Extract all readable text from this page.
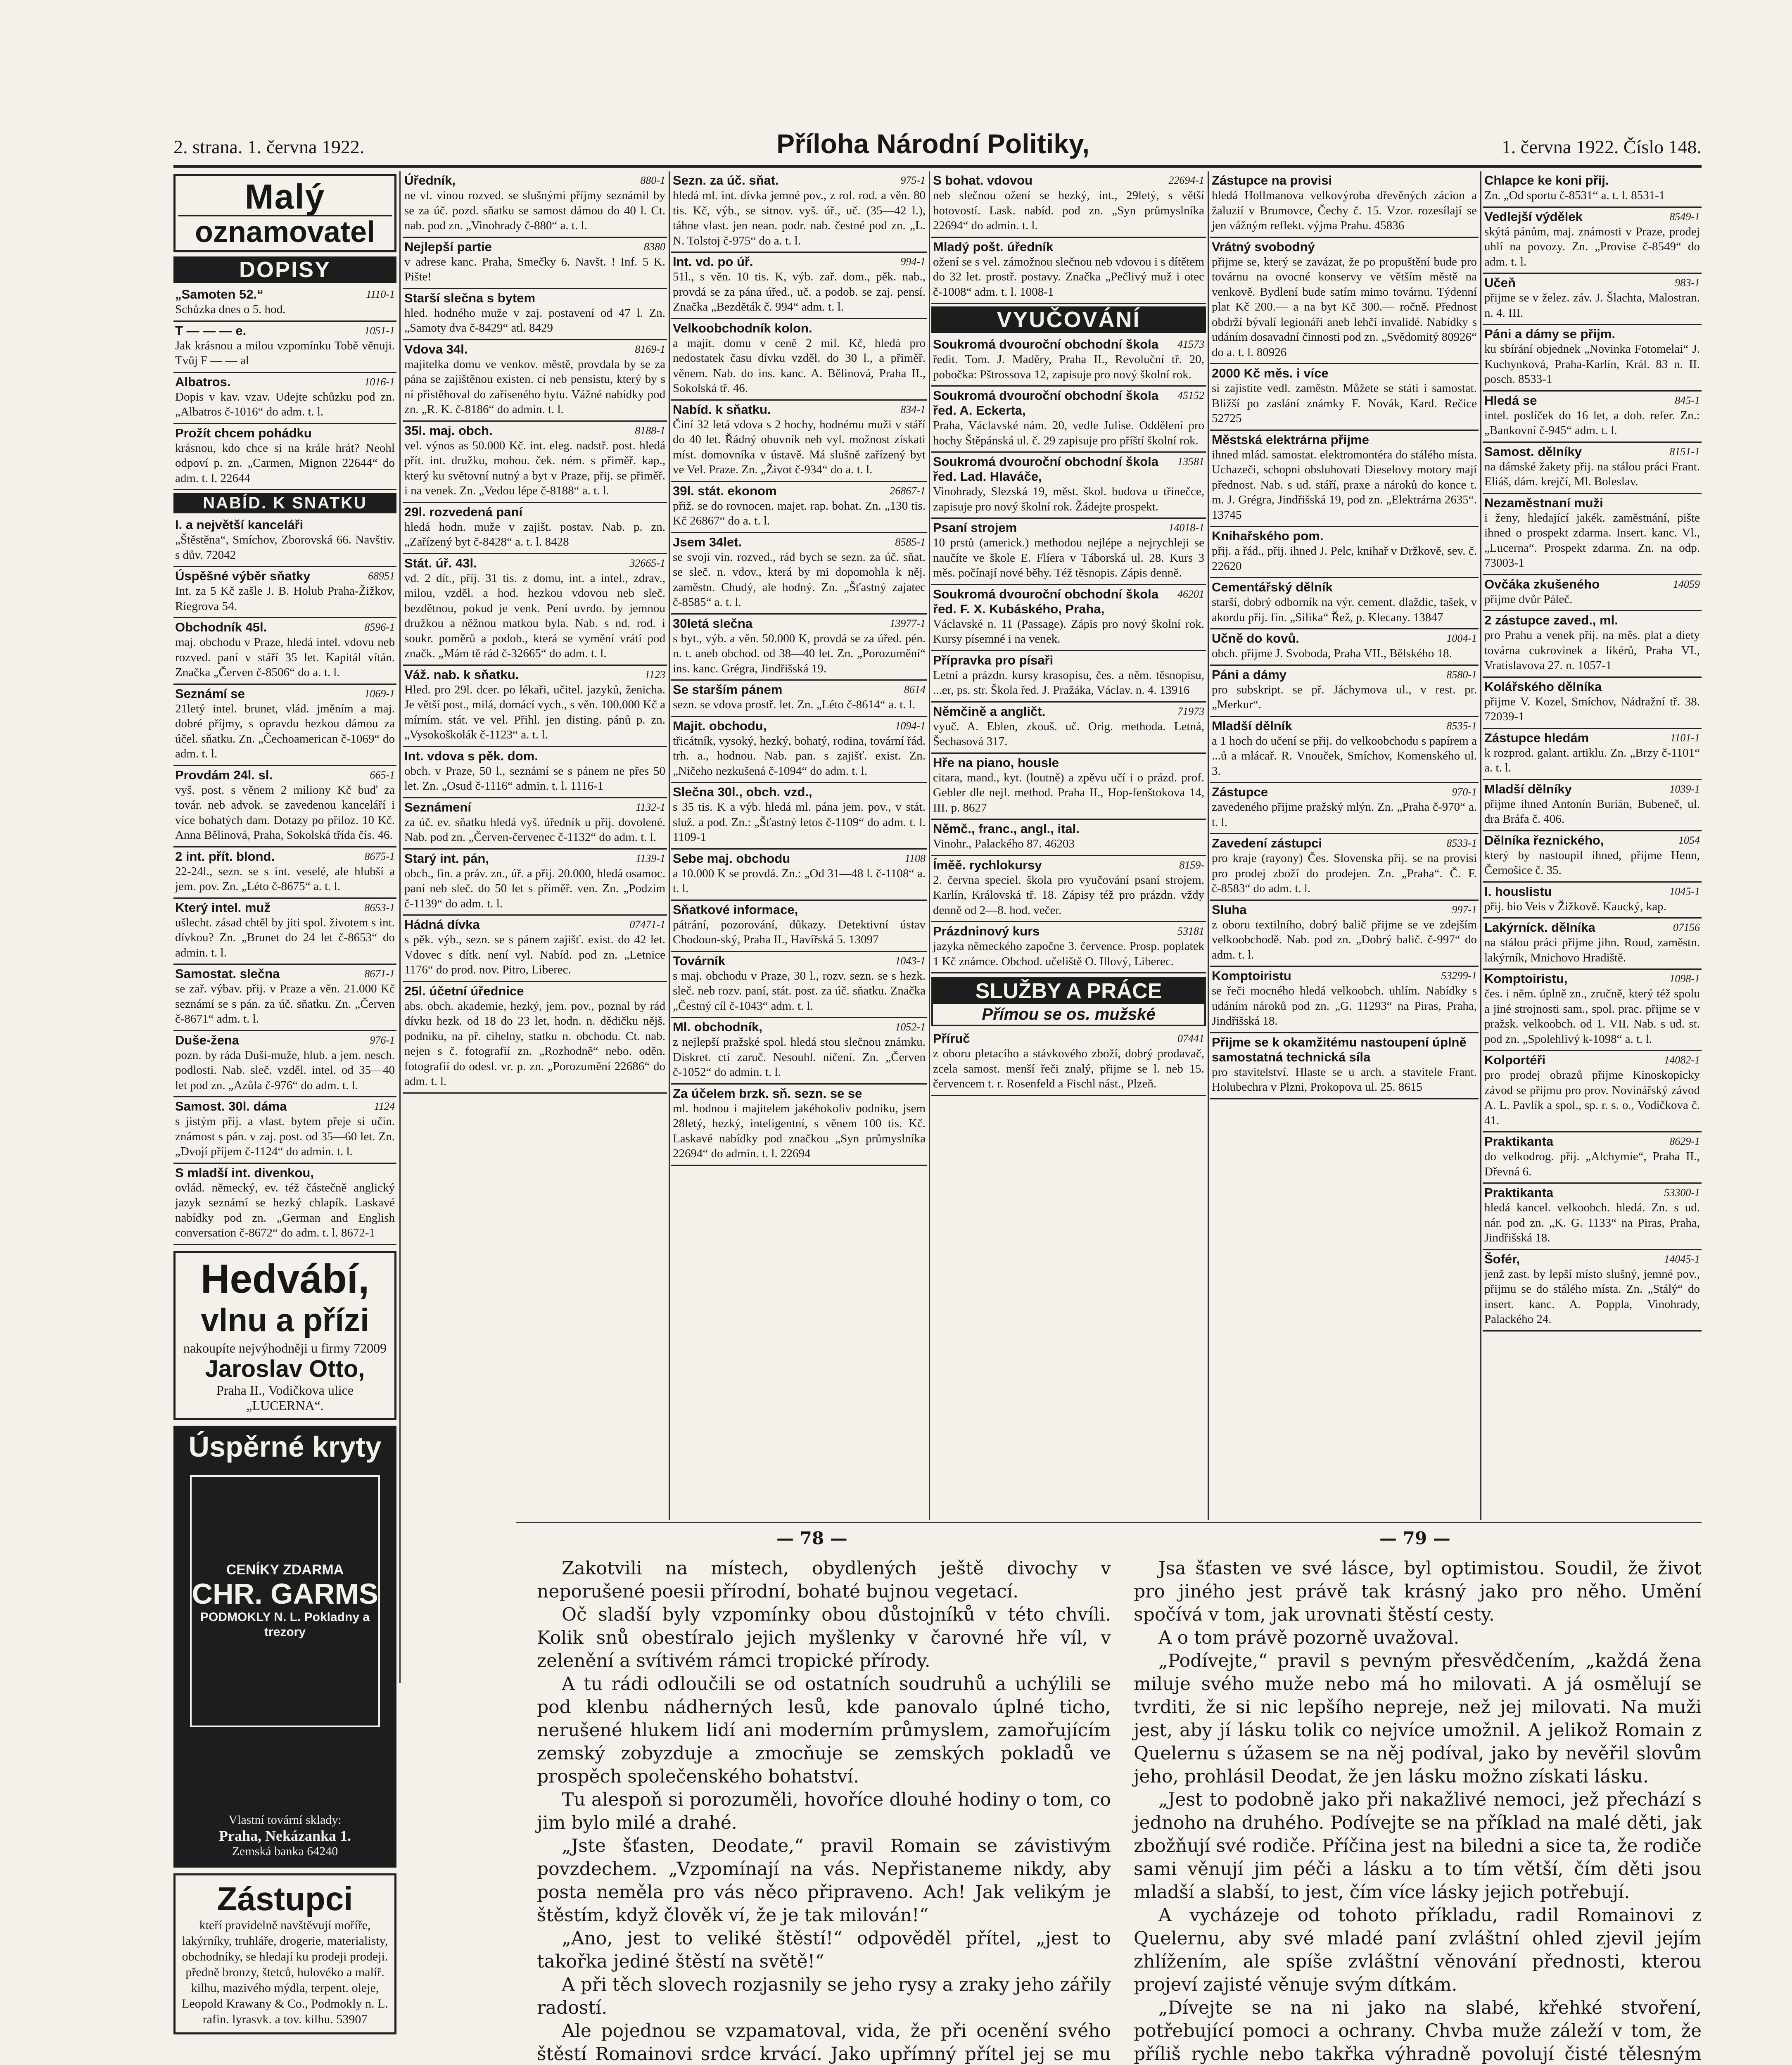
2. strana. 1. června 1922.	Příloha Národní Politiky,	1. června 1922. Číslo 148.
Malý
oznamovatel
DOPISY
„Samoten 52.“	1110-1
Schůzka dnes o 5. hod.
T — — — e.	1051-1
Jak krásnou a milou vzpomínku Tobě věnuji. Tvůj F — — al
Albatros.	1016-1
Dopis v kav. vzav. Udejte schůzku pod zn. „Albatros č-1016“ do adm. t. l.
Prožít chcem pohádku
krásnou, kdo chce si na krále hrát? Neohl odpoví p. zn. „Carmen, Mignon 22644“ do adm. t. l. 22644
NABÍD. K SNATKU
I. a největší kanceláři
„Štěstěna“, Smíchov, Zborovská 66. Navštiv. s dův. 72042
Úspěšné výběr sňatky	68951
Int. za 5 Kč zašle J. B. Holub Praha-Žižkov, Riegrova 54.
Obchodník 45l.	8596-1
maj. obchodu v Praze, hledá intel. vdovu neb rozved. paní v stáří 35 let. Kapitál vítán. Značka „Červen č-8506“ do a. t. l.
Seznámí se	1069-1
21letý intel. brunet, vlád. jměním a maj. dobré příjmy, s opravdu hezkou dámou za účel. sňatku. Zn. „Čechoamerican č-1069“ do adm. t. l.
Provdám 24l. sl.	665-1
vyš. post. s věnem 2 miliony Kč buď za továr. neb advok. se zavedenou kanceláří i více bohatých dam. Dotazy po přiloz. 10 Kč. Anna Bělinová, Praha, Sokolská třída čís. 46.
2 int. přít. blond.	8675-1
22-24l., sezn. se s int. veselé, ale hlubší a jem. pov. Zn. „Léto č-8675“ a. t. l.
Který intel. muž	8653-1
ušlecht. zásad chtěl by jiti spol. životem s int. dívkou? Zn. „Brunet do 24 let č-8653“ do admin. t. l.
Samostat. slečna	8671-1
se zař. výbav. přij. v Praze a věn. 21.000 Kč seznámí se s pán. za úč. sňatku. Zn. „Červen č-8671“ adm. t. l.
Duše-žena	976-1
pozn. by ráda Duši-muže, hlub. a jem. nesch. podlosti. Nab. sleč. vzděl. intel. od 35—40 let pod zn. „Azůla č-976“ do adm. t. l.
Samost. 30l. dáma	1124
s jistým přij. a vlast. bytem přeje si učin. známost s pán. v zaj. post. od 35—60 let. Zn. „Dvojí příjem č-1124“ do admin. t. l.
S mladší int. divenkou,
ovlád. německý, ev. též částečně anglický jazyk seznámí se hezký chlapík. Laskavé nabídky pod zn. „German and English conversation č-8672“ do adm. t. l. 8672-1
Hedvábí,
vlnu a přízi
nakoupíte nejvýhodněji u firmy 72009
Jaroslav Otto,
Praha II., Vodičkova ulice
„LUCERNA“.
Úspěrné kryty
CENÍKY ZDARMA
CHR. GARMS
PODMOKLY N. L. Pokladny a trezory
Vlastní tovární sklady:
Praha, Nekázanka 1.
Zemská banka 64240
Zástupci
kteří pravidelně navštěvují moříře, lakýrníky, truhláře, drogerie, materialisty, obchodníky, se hledají ku prodeji prodeji. předně bronzy, štetců, hulovéko a malíř. kilhu, mazivého mýdla, terpent. oleje, Leopold Krawany & Co., Podmokly n. L. rafin. lyrasvk. a tov. kilhu. 53907
Úředník,	880-1
ne vl. vinou rozved. se slušnými příjmy seznámil by se za úč. pozd. sňatku se samost dámou do 40 l. Ct. nab. pod zn. „Vinohrady č-880“ a. t. l.
Nejlepší partie	8380
v adrese kanc. Praha, Smečky 6. Navšt. ! Inf. 5 K. Pište!
Starší slečna s bytem
hled. hodného muže v zaj. postavení od 47 l. Zn. „Samoty dva č-8429“ atl. 8429
Vdova 34l.	8169-1
majitelka domu ve venkov. městě, provdala by se za pána se zajištěnou existen. cí neb pensistu, který by s ní přistěhoval do zaříseného bytu. Vážné nabídky pod zn. „R. K. č-8186“ do admin. t. l.
35l. maj. obch.	8188-1
vel. výnos as 50.000 Kč. int. eleg. nadstř. post. hledá přít. int. družku, mohou. ček. ném. s přiměř. kap., který ku světovní nutný a byt v Praze, přij. se přiměř. i na venek. Zn. „Vedou lépe č-8188“ a. t. l.
29l. rozvedená paní
hledá hodn. muže v zajišt. postav. Nab. p. zn. „Zařízený byt č-8428“ a. t. l. 8428
Stát. úř. 43l.	32665-1
vd. 2 dít., příj. 31 tis. z domu, int. a intel., zdrav., milou, vzděl. a hod. hezkou vdovou neb sleč. bezdětnou, pokud je venk. Pení uvrdo. by jemnou družkou a něžnou matkou byla. Nab. s nd. rod. i soukr. poměrů a podob., která se vymění vrátí pod značk. „Mám tě rád č-32665“ do adm. t. l.
Váž. nab. k sňatku.	1123
Hled. pro 29l. dcer. po lékaři, učitel. jazyků, ženicha. Je větší post., milá, domácí vych., s věn. 100.000 Kč a mírním. stát. ve vel. Přihl. jen disting. pánů p. zn. „Vysokoškolák č-1123“ a. t. l.
Int. vdova s pěk. dom.
obch. v Praze, 50 l., seznámí se s pánem ne přes 50 let. Zn. „Osud č-1116“ admin. t. l. 1116-1
Seznámení	1132-1
za úč. ev. sňatku hledá vyš. úředník u přij. dovolené. Nab. pod zn. „Červen-červenec č-1132“ do adm. t. l.
Starý int. pán,	1139-1
obch., fin. a práv. zn., úř. a přij. 20.000, hledá osamoc. paní neb sleč. do 50 let s příměř. ven. Zn. „Podzim č-1139“ do adm. t. l.
Hádná dívka	07471-1
s pěk. výb., sezn. se s pánem zajišť. exist. do 42 let. Vdovec s dítk. není vyl. Nabíd. pod zn. „Letnice 1176“ do prod. nov. Pitro, Liberec.
25l. účetní úřednice
abs. obch. akademie, hezký, jem. pov., poznal by rád dívku hezk. od 18 do 23 let, hodn. n. dědičku nějš. podniku, na př. cihelny, statku n. obchodu. Ct. nab. nejen s č. fotografií zn. „Rozhodně“ nebo. oděn. fotografií do odesl. vr. p. zn. „Porozumění 22686“ do adm. t. l.
Sezn. za úč. sňat.	975-1
hledá ml. int. dívka jemné pov., z rol. rod. a věn. 80 tis. Kč, výb., se sitnov. vyš. úř., uč. (35—42 l.), táhne vlast. jen nean. podr. nab. čestné pod zn. „L. N. Tolstoj č-975“ do a. t. l.
Int. vd. po úř.	994-1
51l., s věn. 10 tis. K, výb. zař. dom., pěk. nab., provdá se za pána úřed., uč. a podob. se zaj. pensí. Značka „Bezděták č. 994“ adm. t. l.
Velkoobchodník kolon.
a majit. domu v ceně 2 mil. Kč, hledá pro nedostatek času dívku vzděl. do 30 l., a přiměř. věnem. Nab. do ins. kanc. A. Bělinová, Praha II., Sokolská tř. 46.
Nabíd. k sňatku.	834-1
Činí 32 letá vdova s 2 hochy, hodnému muži v stáří do 40 let. Řádný obuvník neb vyl. možnost získati míst. domovníka v ústavě. Má slušně zařízený byt ve Vel. Praze. Zn. „Život č-934“ do a. t. l.
39l. stát. ekonom	26867-1
přiž. se do rovnocen. majet. rap. bohat. Zn. „130 tis. Kč 26867“ do a. t. l.
Jsem 34let.	8585-1
se svoji vin. rozved., rád bych se sezn. za úč. sňat. se sleč. n. vdov., která by mi dopomohla k něj. zaměstn. Chudý, ale hodný. Zn. „Šťastný zajatec č-8585“ a. t. l.
30letá slečna	13977-1
s byt., výb. a věn. 50.000 K, provdá se za úřed. pén. n. t. aneb obchod. od 38—40 let. Zn. „Porozumění“ ins. kanc. Grégra, Jindřišská 19.
Se starším pánem	8614
sezn. se vdova prostř. let. Zn. „Léto č-8614“ a. t. l.
Majit. obchodu,	1094-1
třicátník, vysoký, hezký, bohatý, rodina, tovární řád. trh. a., hodnou. Nab. pan. s zajišť. exist. Zn. „Ničeho nezkušená č-1094“ do adm. t. l.
Slečna 30l., obch. vzd.,
s 35 tis. K a výb. hledá ml. pána jem. pov., v stát. služ. a pod. Zn.: „Šťastný letos č-1109“ do adm. t. l. 1109-1
Sebe maj. obchodu	1108
a 10.000 K se provdá. Zn.: „Od 31—48 l. č-1108“ a. t. l.
Sňatkové informace,
pátrání, pozorování, důkazy. Detektivní ústav Chodoun-ský, Praha II., Havířská 5. 13097
Továrník	1043-1
s maj. obchodu v Praze, 30 l., rozv. sezn. se s hezk. sleč. neb rozv. paní, stát. post. za úč. sňatku. Značka „Čestný cíl č-1043“ adm. t. l.
Ml. obchodník,	1052-1
z nejlepší pražské spol. hledá stou slečnou známku. Diskret. ctí zaruč. Nesouhl. ničení. Zn. „Červen č-1052“ do admin. t. l.
Za účelem brzk. sň. sezn. se se
ml. hodnou i majitelem jakéhokoliv podniku, jsem 28letý, hezký, inteligentní, s věnem 100 tis. Kč. Laskavé nabídky pod značkou „Syn průmyslníka 22694“ do admin. t. l. 22694
S bohat. vdovou	22694-1
neb slečnou ožení se hezký, int., 29letý, s větší hotovostí. Lask. nabíd. pod zn. „Syn průmyslníka 22694“ do admin. t. l.
Mladý pošt. úředník
ožení se s vel. zámožnou slečnou neb vdovou i s dítětem do 32 let. prostř. postavy. Značka „Pečlivý muž i otec č-1008“ adm. t. l. 1008-1
VYUČOVÁNÍ
Soukromá dvouroční obchodní škola 41573
ředit. Tom. J. Maděry, Praha II., Revoluční tř. 20, pobočka: Pštrossova 12, zapisuje pro nový školní rok.
Soukromá dvouroční obchodní škola řed. A. Eckerta,
45152
Praha, Václavské nám. 20, vedle Julise. Oddělení pro hochy Štěpánská ul. č. 29 zapisuje pro příští školní rok.
Soukromá dvouroční obchodní škola řed. Lad. Hlaváče,
13581
Vinohrady, Slezská 19, měst. škol. budova u třinečce, zapisuje pro nový školní rok. Žádejte prospekt.
Psaní strojem	14018-1
10 prstů (americk.) methodou nejlépe a nejrychleji se naučíte ve škole E. Flíera v Táborská ul. 28. Kurs 3 měs. počínají nové běhy. Též těsnopis. Zápis denně.
Soukromá dvouroční obchodní škola řed. F. X. Kubáského, Praha,
46201
Václavské n. 11 (Passage). Zápis pro nový školní rok. Kursy písemné i na venek.
Přípravka pro písaři
Letní a prázdn. kursy krasopisu, čes. a něm. těsnopisu, ...er, ps. str. Škola řed. J. Pražáka, Václav. n. 4. 13916
Němčině a angličt.	71973
vyuč. A. Eblen, zkouš. uč. Orig. methoda. Letná, Šechasová 317.
Hře na piano, housle
citara, mand., kyt. (loutně) a zpěvu učí i o prázd. prof. Gebler dle nejl. method. Praha II., Hop-fenštokova 14, III. p. 8627
Němč., franc., angl., ital.
Vinohr., Palackého 87. 46203
Íměě. rychlokursy	8159-
2. června speciel. škola pro vyučování psaní strojem. Karlín, Královská tř. 18. Zápisy též pro prázdn. vždy denně od 2—8. hod. večer.
Prázdninový kurs	53181
jazyka německého započne 3. července. Prosp. poplatek 1 Kč známce. Obchod. učeliště O. Illový, Liberec.
SLUŽBY A PRÁCE
Přímou se os. mužské
Příruč	07441
z oboru pletacího a stávkového zboží, dobrý prodavač, zcela samost. menší řeči znalý, přijme se l. neb 15. červencem t. r. Rosenfeld a Fischl nást., Plzeň.
Zástupce na provisi
hledá Hollmanova velkovýroba dřevěných zácion a žaluzií v Brumovce, Čechy č. 15. Vzor. rozesílají se jen vážným reflekt. výjma Prahu. 45836
Vrátný svobodný
přijme se, který se zavázat, že po propuštění bude pro továrnu na ovocné konservy ve větším městě na venkově. Bydlení bude satím mimo továrnu. Týdenní plat Kč 200.— a na byt Kč 300.— ročně. Přednost obdrží bývalí legionáři aneb lehčí invalidé. Nabídky s udáním dosavadní činnosti pod zn. „Svědomitý 80926“ do a. t. l. 80926
2000 Kč měs. i více
si zajistite vedl. zaměstn. Můžete se státi i samostat. Bližší po zaslání známky F. Novák, Kard. Rečice 52725
Městská elektrárna přijme
ihned mlád. samostat. elektromontéra do stálého místa. Uchazeči, schopni obsluhovati Dieselovy motory mají přednost. Nab. s ud. stáří, praxe a nároků do konce t. m. J. Grégra, Jindřišská 19, pod zn. „Elektrárna 2635“. 13745
Knihařského pom.
přij. a řád., přij. ihned J. Pelc, knihař v Držkově, sev. č. 22620
Cementářský dělník
starší, dobrý odborník na výr. cement. dlaždic, tašek, v akordu přij. fin. „Silika“ Řež, p. Klecany. 13847
Učně do kovů.	1004-1
obch. přijme J. Svoboda, Praha VII., Bělského 18.
Páni a dámy	8580-1
pro subskript. se př. Jáchymova ul., v rest. pr. „Merkur“.
Mladší dělník	8535-1
a 1 hoch do učení se přij. do velkoobchodu s papírem a ...ů a mlácař. R. Vnouček, Smíchov, Komenského ul. 3.
Zástupce	970-1
zavedeného přijme pražský mlýn. Zn. „Praha č-970“ a. t. l.
Zavedení zástupci	8533-1
pro kraje (rayony) Čes. Slovenska přij. se na provisi pro prodej zboží do prodejen. Zn. „Praha“. Č. F. č-8583“ do adm. t. l.
Sluha	997-1
z oboru textilního, dobrý balič přijme se ve zdejším velkoobchodě. Nab. pod zn. „Dobrý balič. č-997“ do adm. t. l.
Komptoiristu	53299-1
se řeči mocného hledá velkoobch. uhlím. Nabídky s udáním nároků pod zn. „G. 11293“ na Piras, Praha, Jindřišská 18.
Přijme se k okamžitému nastoupení úplně samostatná technická síla
pro stavitelství. Hlaste se u arch. a stavitele Frant. Holubechra v Plzni, Prokopova ul. 25. 8615
Chlapce ke koni přij.
Zn. „Od sportu č-8531“ a. t. l. 8531-1
Vedlejší výdělek	8549-1
skýtá pánům, maj. známosti v Praze, prodej uhlí na povozy. Zn. „Provise č-8549“ do adm. t. l.
Učeň	983-1
přijme se v želez. záv. J. Šlachta, Malostran. n. 4. III.
Páni a dámy se přijm.
ku sbírání objednek „Novinka Fotomelai“ J. Kuchynková, Praha-Karlín, Král. 83 n. II. posch. 8533-1
Hledá se	845-1
intel. poslíček do 16 let, a dob. refer. Zn.: „Bankovní č-945“ adm. t. l.
Samost. dělníky	8151-1
na dámské žakety přij. na stálou práci Frant. Eliáš, dám. krejčí, Ml. Boleslav.
Nezaměstnaní muži
i ženy, hledající jakék. zaměstnání, pište ihned o prospekt zdarma. Insert. kanc. Vl., „Lucerna“. Prospekt zdarma. Zn. na odp. 73003-1
Ovčáka zkušeného	14059
přijme dvůr Páleč.
2 zástupce zaved., ml.
pro Prahu a venek přij. na měs. plat a diety továrna cukrovinek a likérů, Praha VI., Vratislavova 27. n. 1057-1
Kolářského dělníka
přijme V. Kozel, Smíchov, Nádražní tř. 38. 72039-1
Zástupce hledám	1101-1
k rozprod. galant. artiklu. Zn. „Brzy č-1101“ a. t. l.
Mladší dělníky	1039-1
přijme ihned Antonín Buriān, Bubeneč, ul. dra Bráfa č. 406.
Dělníka řeznického,	1054
který by nastoupil ihned, přijme Henn, Černošice č. 35.
I. houslistu	1045-1
přij. bio Veis v Žižkově. Kaucký, kap.
Lakýrníck. dělníka	07156
na stálou práci přijme jihn. Roud, zaměstn. lakýrník, Mnichovo Hradiště.
Komptoiristu,	1098-1
čes. i něm. úplně zn., zručně, který též spolu a jiné strojnosti sam., spol. prac. přijme se v pražsk. velkoobch. od 1. VII. Nab. s ud. st. pod zn. „Spolehlivý k-1098“ a. t. l.
Kolportéři	14082-1
pro prodej obrazů přijme Kinoskopicky závod se přijmu pro prov. Novinářský závod A. L. Pavlík a spol., sp. r. s. o., Vodičkova č. 41.
Praktikanta	8629-1
do velkodrog. přij. „Alchymie“, Praha II., Dřevná 6.
Praktikanta	53300-1
hledá kancel. velkoobch. hledá. Zn. s ud. nár. pod zn. „K. G. 1133“ na Piras, Praha, Jindřišská 18.
Šofér,	14045-1
jenž zast. by lepší místo slušný, jemné pov., přijmu se do stálého místa. Zn. „Stálý“ do insert. kanc. A. Poppla, Vinohrady, Palackého 24.
— 78 —	— 79 —

Zakotvili na místech, obydlených ještě divochy v neporušené poesii přírodní, bohaté bujnou vegetací.

Oč sladší byly vzpomínky obou důstojníků v této chvíli. Kolik snů obestíralo jejich myšlenky v čarovné hře víl, v zelenění a svítivém rámci tropické přírody.

A tu rádi odloučili se od ostatních soudruhů a uchýlili se pod klenbu nádherných lesů, kde panovalo úplné ticho, nerušené hlukem lidí ani moderním průmyslem, zamořujícím zemský zobyzduje a zmocňuje se zemských pokladů ve prospěch společenského bohatství.

Tu alespoň si porozuměli, hovoříce dlouhé hodiny o tom, co jim bylo milé a drahé.

„Jste šťasten, Deodate,“ pravil Romain se závistivým povzdechem. „Vzpomínají na vás. Nepřistaneme nikdy, aby posta neměla pro vás něco připraveno. Ach! Jak velikým je štěstím, když člověk ví, že je tak milován!“

„Ano, jest to veliké štěstí!“ odpověděl přítel, „jest to takořka jediné štěstí na světě!“

A při těch slovech rozjasnily se jeho rysy a zraky jeho zářily radostí.

Ale pojednou se vzpamatoval, vida, že při ocenění svého štěstí Romainovi srdce krvácí. Jako upřímný přítel jej se mu

Jsa šťasten ve své lásce, byl optimistou. Soudil, že život pro jiného jest právě tak krásný jako pro něho. Umění spočívá v tom, jak urovnati štěstí cesty.

A o tom právě pozorně uvažoval.

„Podívejte,“ pravil s pevným přesvědčením, „každá žena miluje svého muže nebo má ho milovati. A já osmělují se tvrditi, že si nic lepšího nepreje, než jej milovati. Na muži jest, aby jí lásku tolik co nejvíce umožnil. A jelikož Romain z Quelernu s úžasem se na něj podíval, jako by nevěřil slovům jeho, prohlásil Deodat, že jen lásku možno získati lásku.

„Jest to podobně jako při nakažlivé nemoci, jež přechází s jednoho na druhého. Podívejte se na příklad na malé děti, jak zbožňují své rodiče. Příčina jest na biledni a sice ta, že rodiče sami věnují jim péči a lásku a to tím větší, čím děti jsou mladší a slabší, to jest, čím více lásky jejich potřebují.

A vycházeje od tohoto příkladu, radil Romainovi z Quelernu, aby své mladé paní zvláštní ohled zjevil jejím zhlížením, ale spíše zvláštní věnování přednosti, kterou projeví zajisté věnuje svým dítkám.

„Dívejte se na ni jako na slabé, křehké stvoření, potřebující pomoci a ochrany. Chvba muže záleží v tom, že příliš rychle nebo takřka výhradně povolují čisté tělesným
